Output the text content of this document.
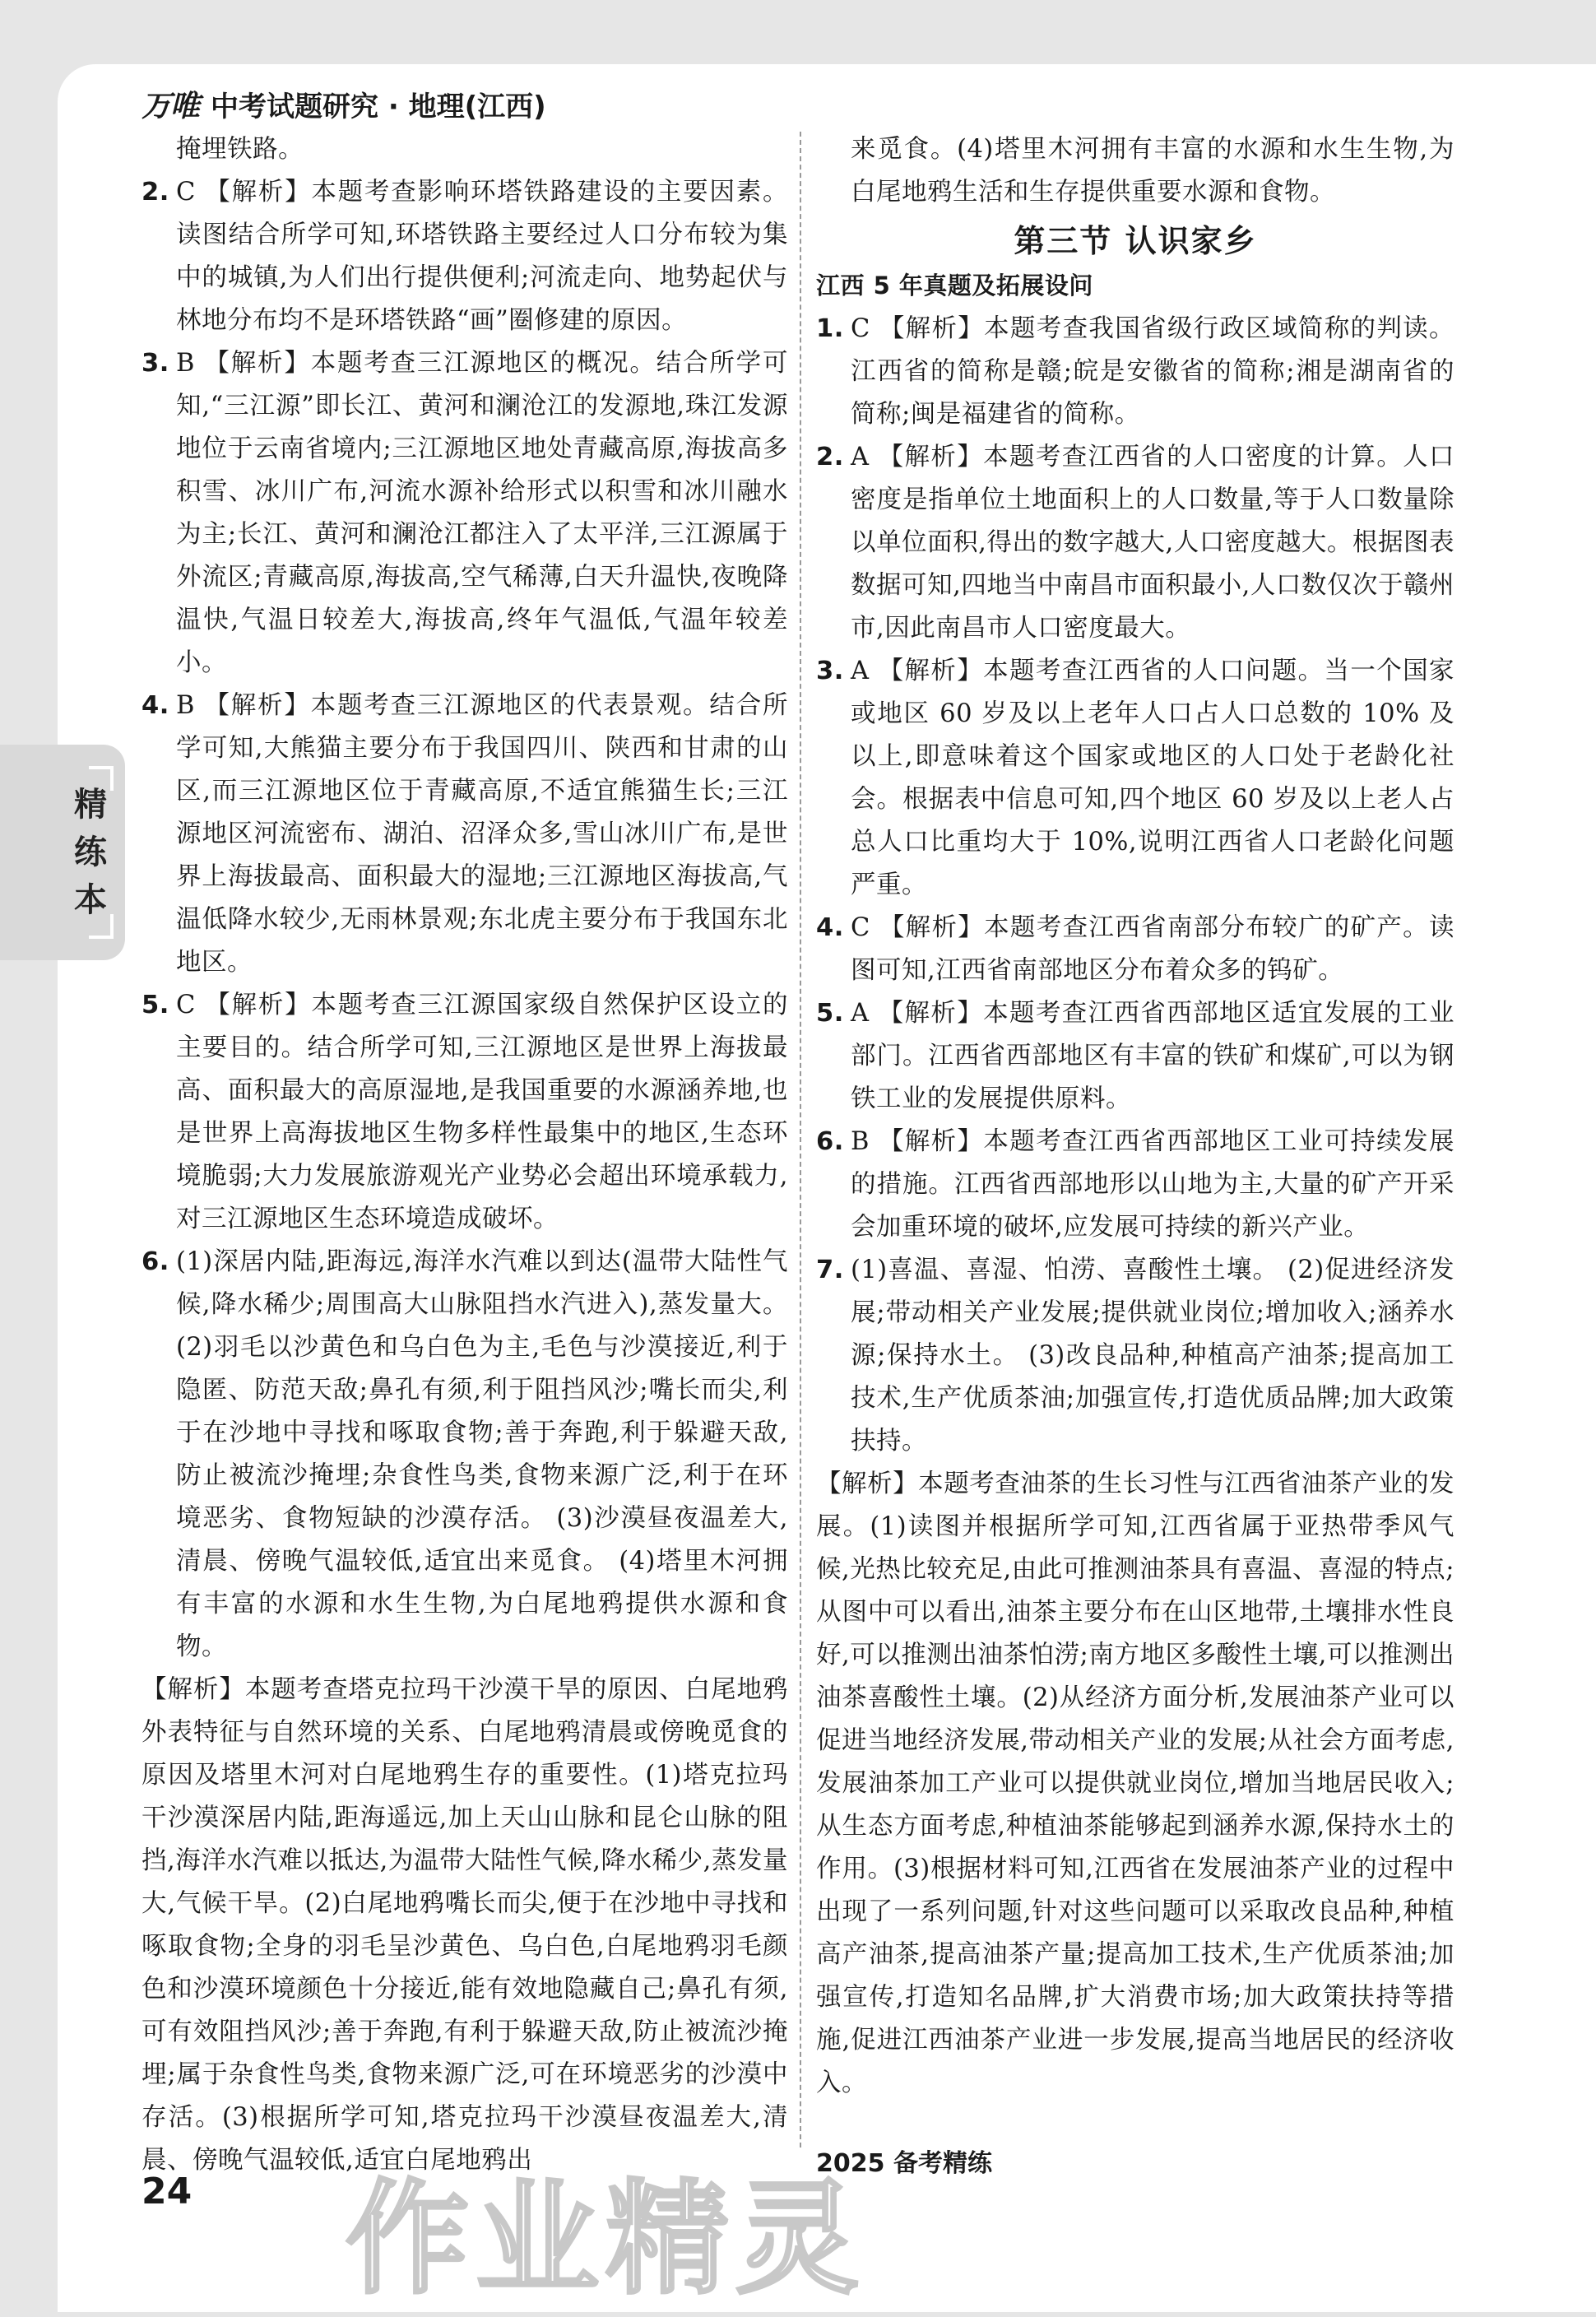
万唯 中考试题研究 · 地理(江西)
精
练
本

掩埋铁路。

2. C 【解析】本题考查影响环塔铁路建设的主要因素。读图结合所学可知,环塔铁路主要经过人口分布较为集中的城镇,为人们出行提供便利;河流走向、地势起伏与林地分布均不是环塔铁路“画”圈修建的原因。
3. B 【解析】本题考查三江源地区的概况。结合所学可知,“三江源”即长江、黄河和澜沧江的发源地,珠江发源地位于云南省境内;三江源地区地处青藏高原,海拔高多积雪、冰川广布,河流水源补给形式以积雪和冰川融水为主;长江、黄河和澜沧江都注入了太平洋,三江源属于外流区;青藏高原,海拔高,空气稀薄,白天升温快,夜晚降温快,气温日较差大,海拔高,终年气温低,气温年较差小。
4. B 【解析】本题考查三江源地区的代表景观。结合所学可知,大熊猫主要分布于我国四川、陕西和甘肃的山区,而三江源地区位于青藏高原,不适宜熊猫生长;三江源地区河流密布、湖泊、沼泽众多,雪山冰川广布,是世界上海拔最高、面积最大的湿地;三江源地区海拔高,气温低降水较少,无雨林景观;东北虎主要分布于我国东北地区。
5. C 【解析】本题考查三江源国家级自然保护区设立的主要目的。结合所学可知,三江源地区是世界上海拔最高、面积最大的高原湿地,是我国重要的水源涵养地,也是世界上高海拔地区生物多样性最集中的地区,生态环境脆弱;大力发展旅游观光产业势必会超出环境承载力,对三江源地区生态环境造成破坏。
6. (1)深居内陆,距海远,海洋水汽难以到达(温带大陆性气候,降水稀少;周围高大山脉阻挡水汽进入),蒸发量大。 (2)羽毛以沙黄色和乌白色为主,毛色与沙漠接近,利于隐匿、防范天敌;鼻孔有须,利于阻挡风沙;嘴长而尖,利于在沙地中寻找和啄取食物;善于奔跑,利于躲避天敌,防止被流沙掩埋;杂食性鸟类,食物来源广泛,利于在环境恶劣、食物短缺的沙漠存活。 (3)沙漠昼夜温差大,清晨、傍晚气温较低,适宜出来觅食。 (4)塔里木河拥有丰富的水源和水生生物,为白尾地鸦提供水源和食物。

【解析】本题考查塔克拉玛干沙漠干旱的原因、白尾地鸦外表特征与自然环境的关系、白尾地鸦清晨或傍晚觅食的原因及塔里木河对白尾地鸦生存的重要性。(1)塔克拉玛干沙漠深居内陆,距海遥远,加上天山山脉和昆仑山脉的阻挡,海洋水汽难以抵达,为温带大陆性气候,降水稀少,蒸发量大,气候干旱。(2)白尾地鸦嘴长而尖,便于在沙地中寻找和啄取食物;全身的羽毛呈沙黄色、乌白色,白尾地鸦羽毛颜色和沙漠环境颜色十分接近,能有效地隐藏自己;鼻孔有须,可有效阻挡风沙;善于奔跑,有利于躲避天敌,防止被流沙掩埋;属于杂食性鸟类,食物来源广泛,可在环境恶劣的沙漠中存活。(3)根据所学可知,塔克拉玛干沙漠昼夜温差大,清晨、傍晚气温较低,适宜白尾地鸦出

来觅食。(4)塔里木河拥有丰富的水源和水生生物,为白尾地鸦生活和生存提供重要水源和食物。

第三节 认识家乡
江西 5 年真题及拓展设问
1. C 【解析】本题考查我国省级行政区域简称的判读。江西省的简称是赣;皖是安徽省的简称;湘是湖南省的简称;闽是福建省的简称。
2. A 【解析】本题考查江西省的人口密度的计算。人口密度是指单位土地面积上的人口数量,等于人口数量除以单位面积,得出的数字越大,人口密度越大。根据图表数据可知,四地当中南昌市面积最小,人口数仅次于赣州市,因此南昌市人口密度最大。
3. A 【解析】本题考查江西省的人口问题。当一个国家或地区 60 岁及以上老年人口占人口总数的 10% 及以上,即意味着这个国家或地区的人口处于老龄化社会。根据表中信息可知,四个地区 60 岁及以上老人占总人口比重均大于 10%,说明江西省人口老龄化问题严重。
4. C 【解析】本题考查江西省南部分布较广的矿产。读图可知,江西省南部地区分布着众多的钨矿。
5. A 【解析】本题考查江西省西部地区适宜发展的工业部门。江西省西部地区有丰富的铁矿和煤矿,可以为钢铁工业的发展提供原料。
6. B 【解析】本题考查江西省西部地区工业可持续发展的措施。江西省西部地形以山地为主,大量的矿产开采会加重环境的破坏,应发展可持续的新兴产业。
7. (1)喜温、喜湿、怕涝、喜酸性土壤。 (2)促进经济发展;带动相关产业发展;提供就业岗位;增加收入;涵养水源;保持水土。 (3)改良品种,种植高产油茶;提高加工技术,生产优质茶油;加强宣传,打造优质品牌;加大政策扶持。

【解析】本题考查油茶的生长习性与江西省油茶产业的发展。(1)读图并根据所学可知,江西省属于亚热带季风气候,光热比较充足,由此可推测油茶具有喜温、喜湿的特点;从图中可以看出,油茶主要分布在山区地带,土壤排水性良好,可以推测出油茶怕涝;南方地区多酸性土壤,可以推测出油茶喜酸性土壤。(2)从经济方面分析,发展油茶产业可以促进当地经济发展,带动相关产业的发展;从社会方面考虑,发展油茶加工产业可以提供就业岗位,增加当地居民收入;从生态方面考虑,种植油茶能够起到涵养水源,保持水土的作用。(3)根据材料可知,江西省在发展油茶产业的过程中出现了一系列问题,针对这些问题可以采取改良品种,种植高产油茶,提高油茶产量;提高加工技术,生产优质茶油;加强宣传,打造知名品牌,扩大消费市场;加大政策扶持等措施,促进江西油茶产业进一步发展,提高当地居民的经济收入。

2025 备考精练
24 作业精灵
